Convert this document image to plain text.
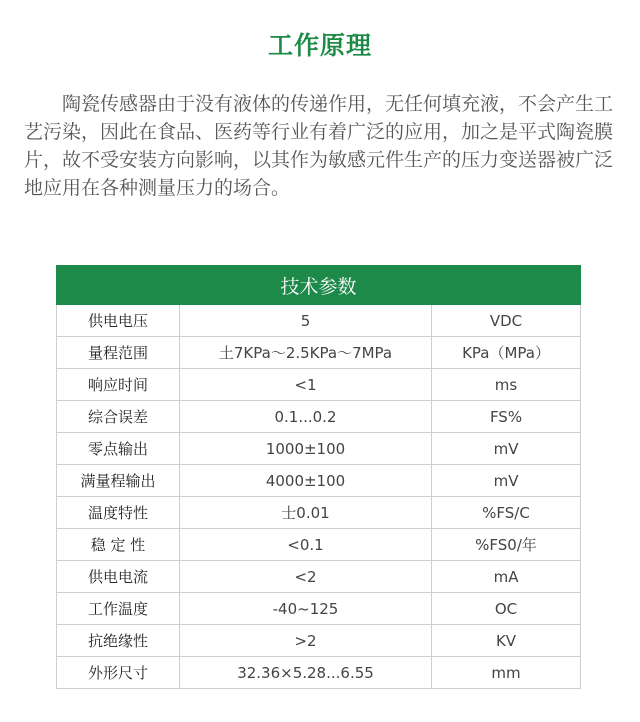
工作原理

陶瓷传感器由于没有液体的传递作用，无任何填充液，不会产生工艺污染，因此在食品、医药等行业有着广泛的应用，加之是平式陶瓷膜片，故不受安装方向影响，以其作为敏感元件生产的压力变送器被广泛地应用在各种测量压力的场合。

技术参数		
供电电压	5	VDC
量程范围	土7KPa～2.5KPa～7MPa	KPa（MPa）
响应时间	<1	ms
综合误差	0.1...0.2	FS%
零点输出	1000±100	mV
满量程输出	4000±100	mV
温度特性	士0.01	%FS/C
稳 定 性	<0.1	%FS0/年
供电电流	<2	mA
工作温度	-40~125	OC
抗绝缘性	>2	KV
外形尺寸	32.36×5.28...6.55	mm
